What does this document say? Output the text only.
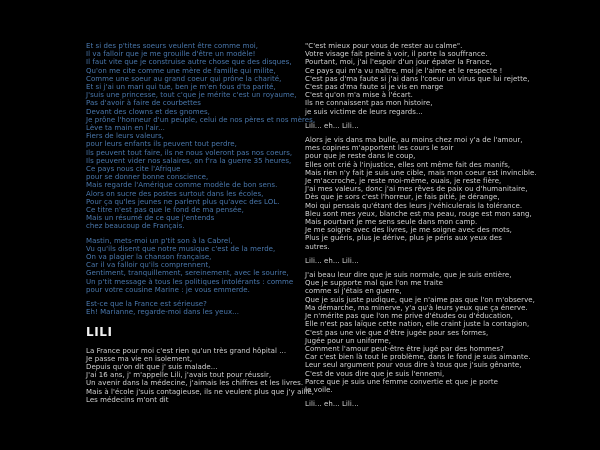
Et si des p'tites soeurs veulent être comme moi,
Il va falloir que je me grouille d'être un modèle!
Il faut vite que je construise autre chose que des disques,
Qu'on me cite comme une mère de famille qui milite,
Comme une soeur au grand coeur qui prône la charité,
Et si j'ai un mari qui tue, ben je m'en fous d'ta parité,
J'suis une princesse, tout c'que je mérite c'est un royaume,
Pas d'avoir à faire de courbettes
Devant des clowns et des gnomes,
Je prône l'honneur d'un peuple, celui de nos pères et nos mères,
Lève ta main en l'air...
Fiers de leurs valeurs,
pour leurs enfants ils peuvent tout perdre,
Ils peuvent tout faire, ils ne nous voleront pas nos coeurs,
Ils peuvent vider nos salaires, on f'ra la guerre 35 heures,
Ce pays nous cite l'Afrique
pour se donner bonne conscience,
Mais regarde l'Amérique comme modèle de bon sens.
Alors on sucre des postes surtout dans les écoles,
Pour ça qu'les jeunes ne parlent plus qu'avec des LOL.
Ce titre n'est pas que le fond de ma pensée,
Mais un résumé de ce que j'entends
chez beaucoup de Français.
Mastin, mets-moi un p'tit son à la Cabrel,
Vu qu'ils disent que notre musique c'est de la merde,
On va plagier la chanson française,
Car il va falloir qu'ils comprennent,
Gentiment, tranquillement, sereinement, avec le sourire,
Un p'tit message à tous les politiques intolérants : comme
pour votre cousine Marine : je vous emmerde.
Est-ce que la France est sérieuse?
Eh! Marianne, regarde-moi dans les yeux...
LILI
La France pour moi c'est rien qu'un très grand hôpital ...
Je passe ma vie en isolement,
Depuis qu'on dit que j' suis malade...
J'ai 16 ans, j' m'appelle Lili, j'avais tout pour réussir,
Un avenir dans la médecine, j'aimais les chiffres et les livres.
Mais à l'école j'suis contagieuse, ils ne veulent plus que j'y aille,
Les médecins m'ont dit
"C'est mieux pour vous de rester au calme".
Votre visage fait peine à voir, il porte la souffrance.
Pourtant, moi, j'ai l'espoir d'un jour épater la France,
Ce pays qui m'a vu naître, moi je l'aime et le respecte !
C'est pas d'ma faute si j'ai dans l'coeur un virus que lui rejette,
C'est pas d'ma faute si je vis en marge
C'est qu'on m'a mise à l'écart.
Ils ne connaissent pas mon histoire,
je suis victime de leurs regards...
Lili... eh... Lili...
Alors je vis dans ma bulle, au moins chez moi y'a de l'amour,
mes copines m'apportent les cours le soir
pour que je reste dans le coup,
Elles ont crié à l'injustice, elles ont même fait des manifs,
Mais rien n'y fait je suis une cible, mais mon coeur est invincible.
Je m'accroche, je reste moi-même, ouais, je reste fière,
J'ai mes valeurs, donc j'ai mes rêves de paix ou d'humanitaire,
Dès que je sors c'est l'horreur, je fais pitié, je dérange,
Moi qui pensais qu'étant des leurs j'véhiculerais la tolérance.
Bleu sont mes yeux, blanche est ma peau, rouge est mon sang,
Mais pourtant je me sens seule dans mon camp.
Je me soigne avec des livres, je me soigne avec des mots,
Plus je guéris, plus je dérive, plus je péris aux yeux des
autres.
Lili... eh... Lili...
J'ai beau leur dire que je suis normale, que je suis entière,
Que je supporte mal que l'on me traite
comme si j'étais en guerre,
Que je suis juste pudique, que je n'aime pas que l'on m'observe,
Ma démarche, ma minerve, y'a qu'à leurs yeux que ça énerve.
Je n'mérite pas que l'on me prive d'études ou d'éducation,
Elle n'est pas laïque cette nation, elle craint juste la contagion,
C'est pas une vie que d'être jugée pour ses formes,
Jugée pour un uniforme,
Comment l'amour peut-être être jugé par des hommes?
Car c'est bien là tout le problème, dans le fond je suis aimante.
Leur seul argument pour vous dire à tous que j'suis gênante,
C'est de vous dire que je suis l'ennemi,
Parce que je suis une femme convertie et que je porte
le voile.
Lili... eh... Lili...
